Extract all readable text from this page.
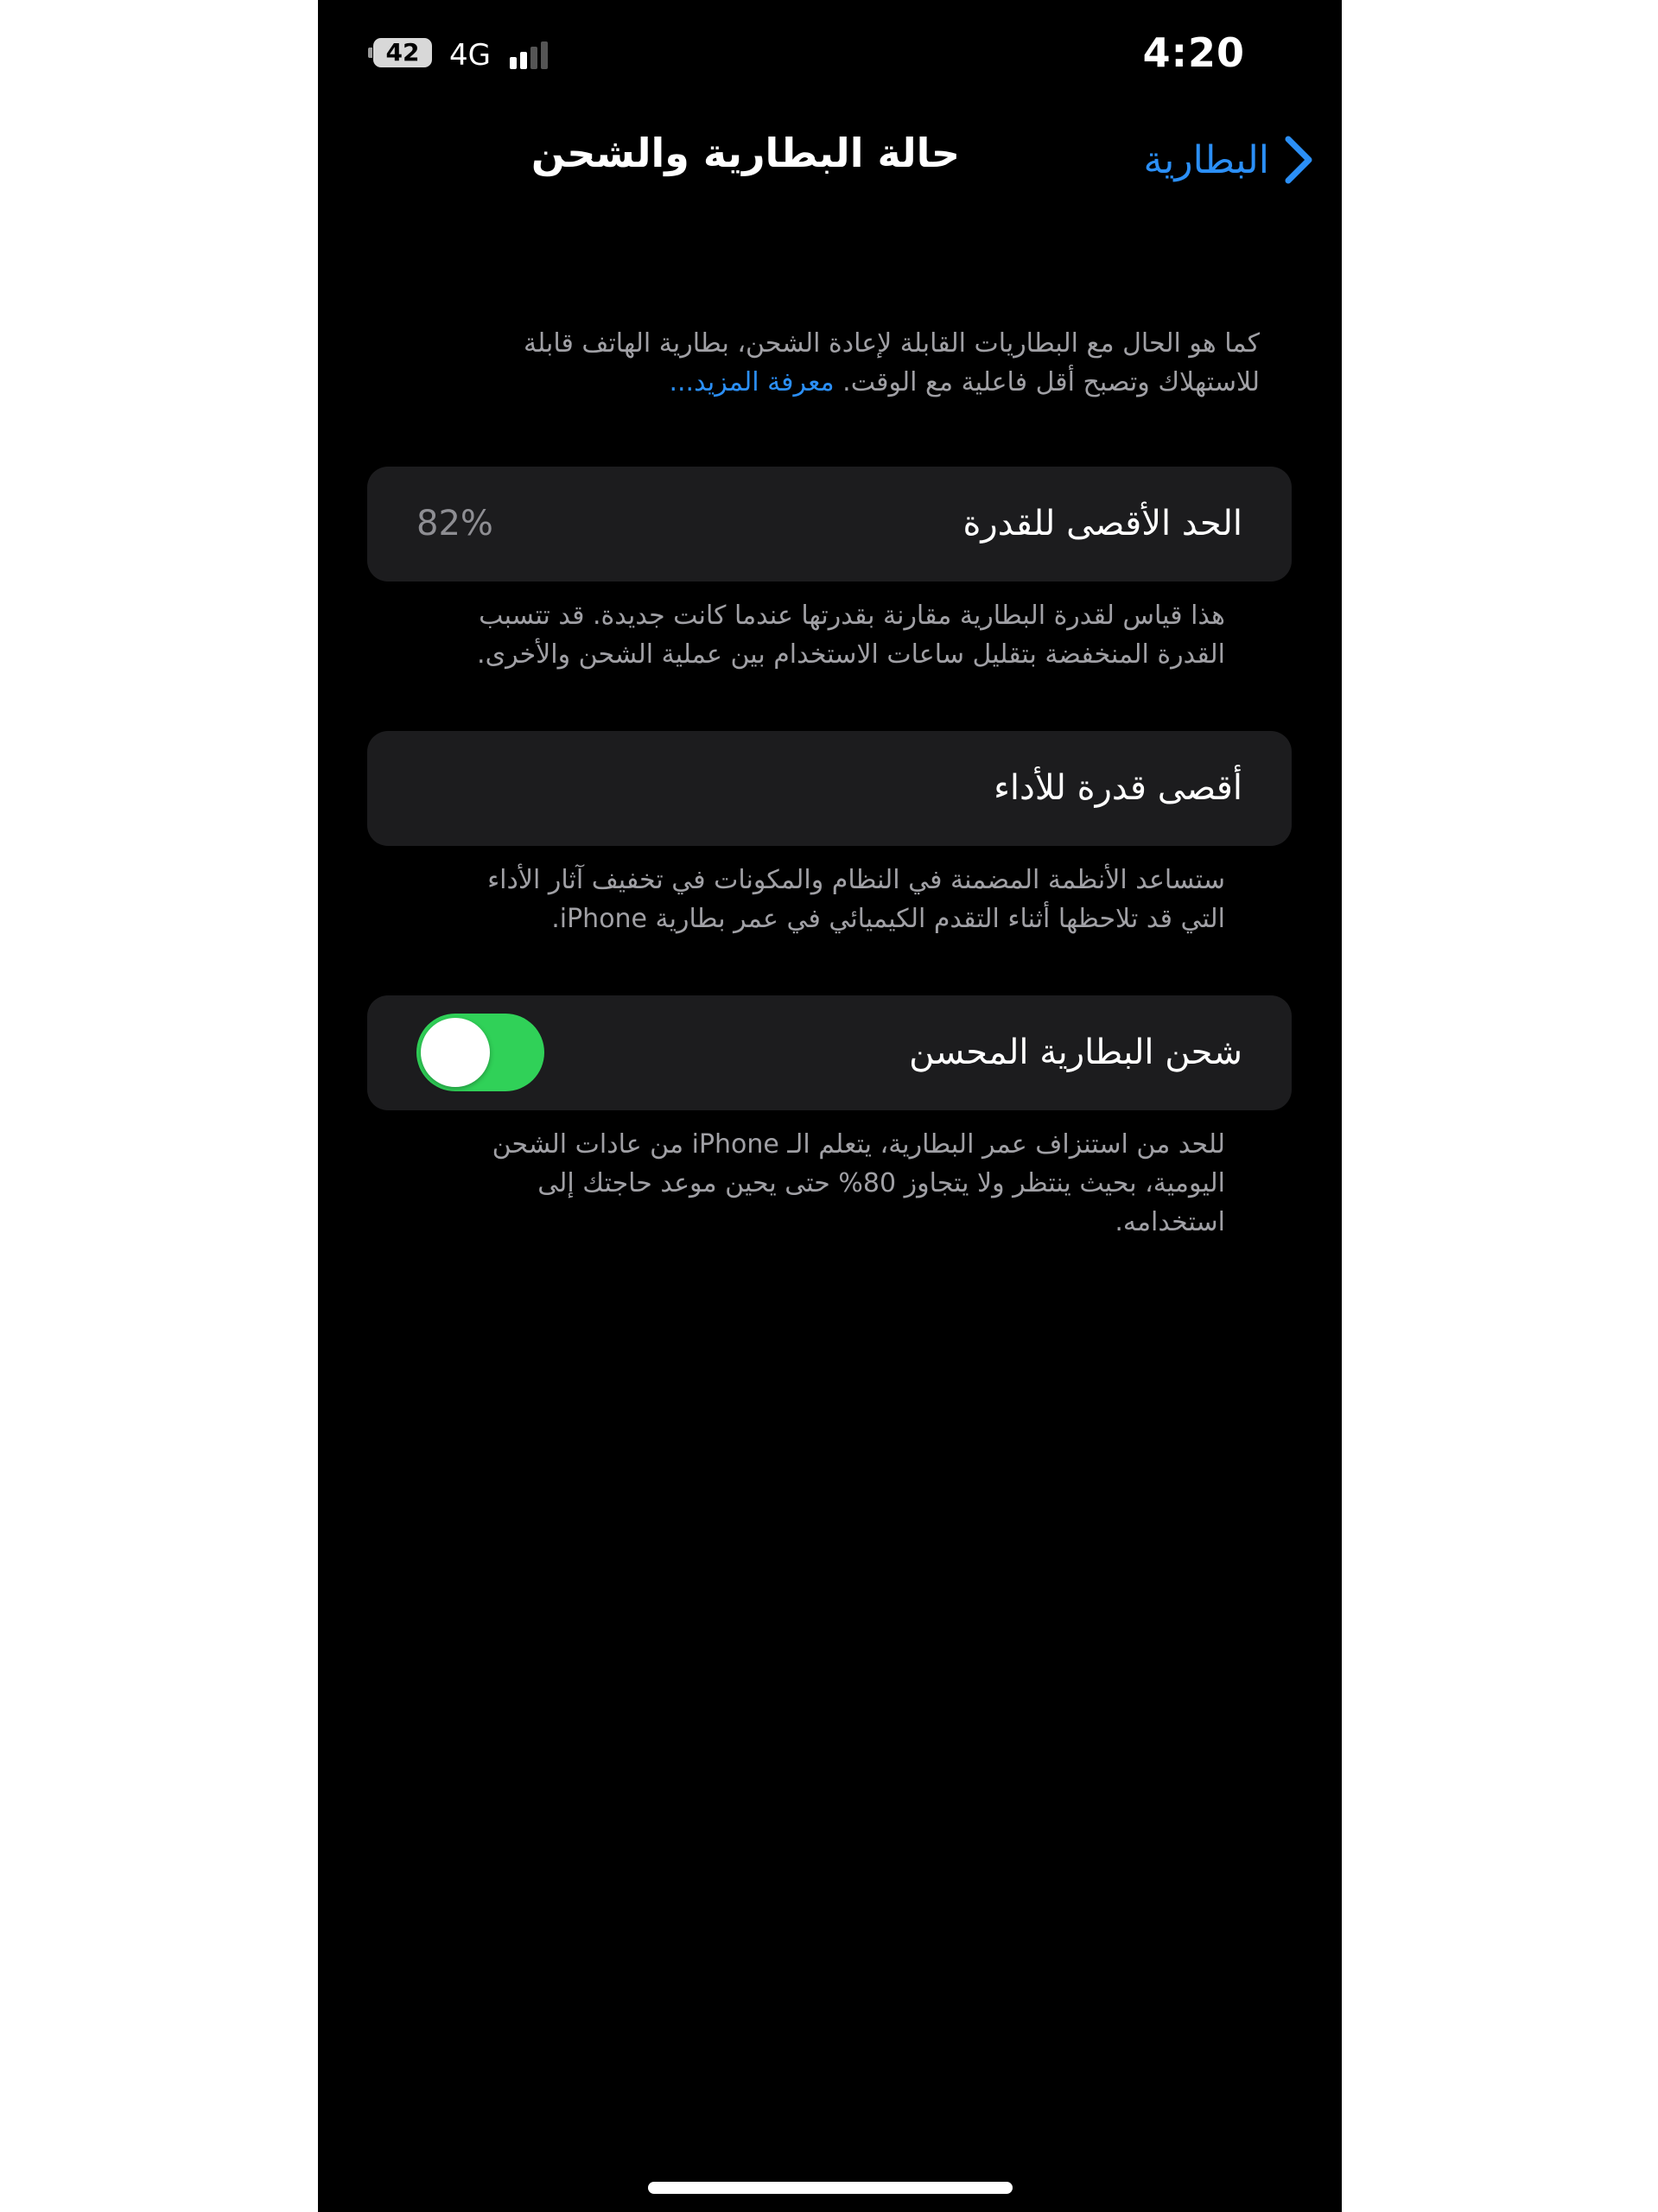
42	4G	4:20
البطارية
حالة البطارية والشحن
كما هو الحال مع البطاريات القابلة لإعادة الشحن، بطارية الهاتف قابلة للاستهلاك وتصبح أقل فاعلية مع الوقت. معرفة المزيد...
الحد الأقصى للقدرة
82%
هذا قياس لقدرة البطارية مقارنة بقدرتها عندما كانت جديدة. قد تتسبب القدرة المنخفضة بتقليل ساعات الاستخدام بين عملية الشحن والأخرى.
أقصى قدرة للأداء
ستساعد الأنظمة المضمنة في النظام والمكونات في تخفيف آثار الأداء التي قد تلاحظها أثناء التقدم الكيميائي في عمر بطارية iPhone.
شحن البطارية المحسن
للحد من استنزاف عمر البطارية، يتعلم الـ iPhone من عادات الشحن اليومية، بحيث ينتظر ولا يتجاوز 80% حتى يحين موعد حاجتك إلى استخدامه.
